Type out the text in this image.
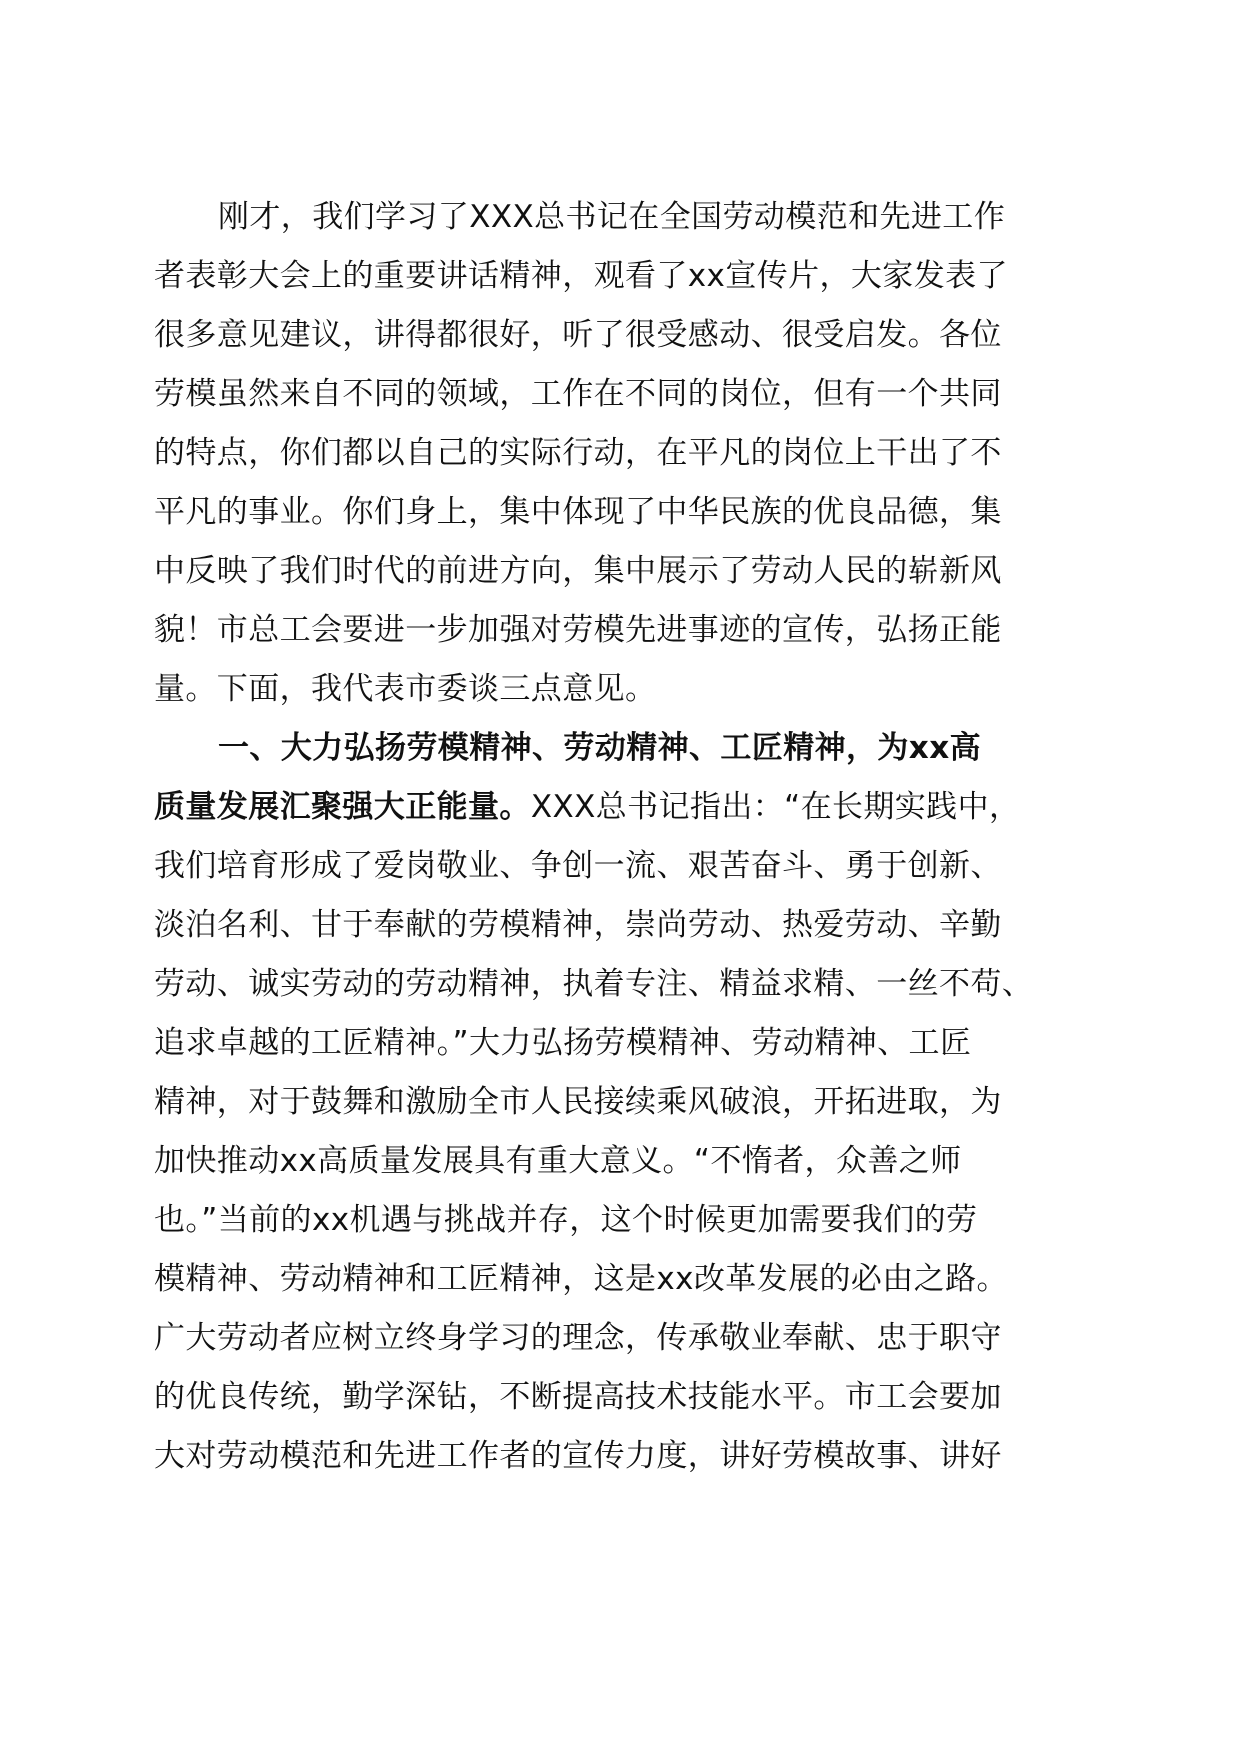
刚才，我们学习了XXX总书记在全国劳动模范和先进工作
者表彰大会上的重要讲话精神，观看了xx宣传片，大家发表了
很多意见建议，讲得都很好，听了很受感动、很受启发。各位
劳模虽然来自不同的领域，工作在不同的岗位，但有一个共同
的特点，你们都以自己的实际行动，在平凡的岗位上干出了不
平凡的事业。你们身上，集中体现了中华民族的优良品德，集
中反映了我们时代的前进方向，集中展示了劳动人民的崭新风
貌！市总工会要进一步加强对劳模先进事迹的宣传，弘扬正能
量。下面，我代表市委谈三点意见。
一、大力弘扬劳模精神、劳动精神、工匠精神，为xx高
质量发展汇聚强大正能量。XXX总书记指出：“在长期实践中，
我们培育形成了爱岗敬业、争创一流、艰苦奋斗、勇于创新、
淡泊名利、甘于奉献的劳模精神，崇尚劳动、热爱劳动、辛勤
劳动、诚实劳动的劳动精神，执着专注、精益求精、一丝不苟、
追求卓越的工匠精神。”大力弘扬劳模精神、劳动精神、工匠
精神，对于鼓舞和激励全市人民接续乘风破浪，开拓进取，为
加快推动xx高质量发展具有重大意义。“不惰者，众善之师
也。”当前的xx机遇与挑战并存，这个时候更加需要我们的劳
模精神、劳动精神和工匠精神，这是xx改革发展的必由之路。
广大劳动者应树立终身学习的理念，传承敬业奉献、忠于职守
的优良传统，勤学深钻，不断提高技术技能水平。市工会要加
大对劳动模范和先进工作者的宣传力度，讲好劳模故事、讲好
